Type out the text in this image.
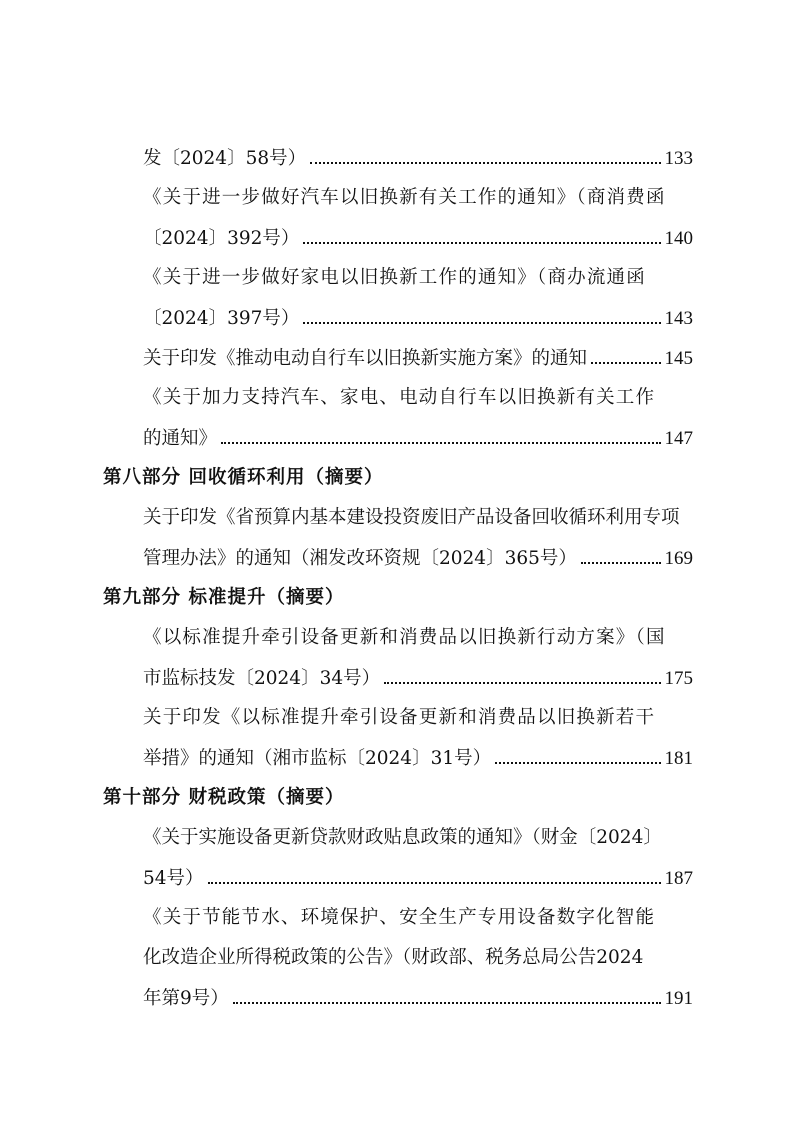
发〔2024〕58号）	133
《关于进一步做好汽车以旧换新有关工作的通知》（商消费函
〔2024〕392号）	140
《关于进一步做好家电以旧换新工作的通知》（商办流通函
〔2024〕397号）	143
关于印发《推动电动自行车以旧换新实施方案》的通知	145
《关于加力支持汽车、家电、电动自行车以旧换新有关工作
的通知》	147
第八部分 回收循环利用（摘要）
关于印发《省预算内基本建设投资废旧产品设备回收循环利用专项
管理办法》的通知（湘发改环资规〔2024〕365号）	169
第九部分 标准提升（摘要）
《以标准提升牵引设备更新和消费品以旧换新行动方案》（国
市监标技发〔2024〕34号）	175
关于印发《以标准提升牵引设备更新和消费品以旧换新若干
举措》的通知（湘市监标〔2024〕31号）	181
第十部分 财税政策（摘要）
《关于实施设备更新贷款财政贴息政策的通知》（财金〔2024〕
54号）	187
《关于节能节水、环境保护、安全生产专用设备数字化智能
化改造企业所得税政策的公告》（财政部、税务总局公告2024
年第9号）	191
